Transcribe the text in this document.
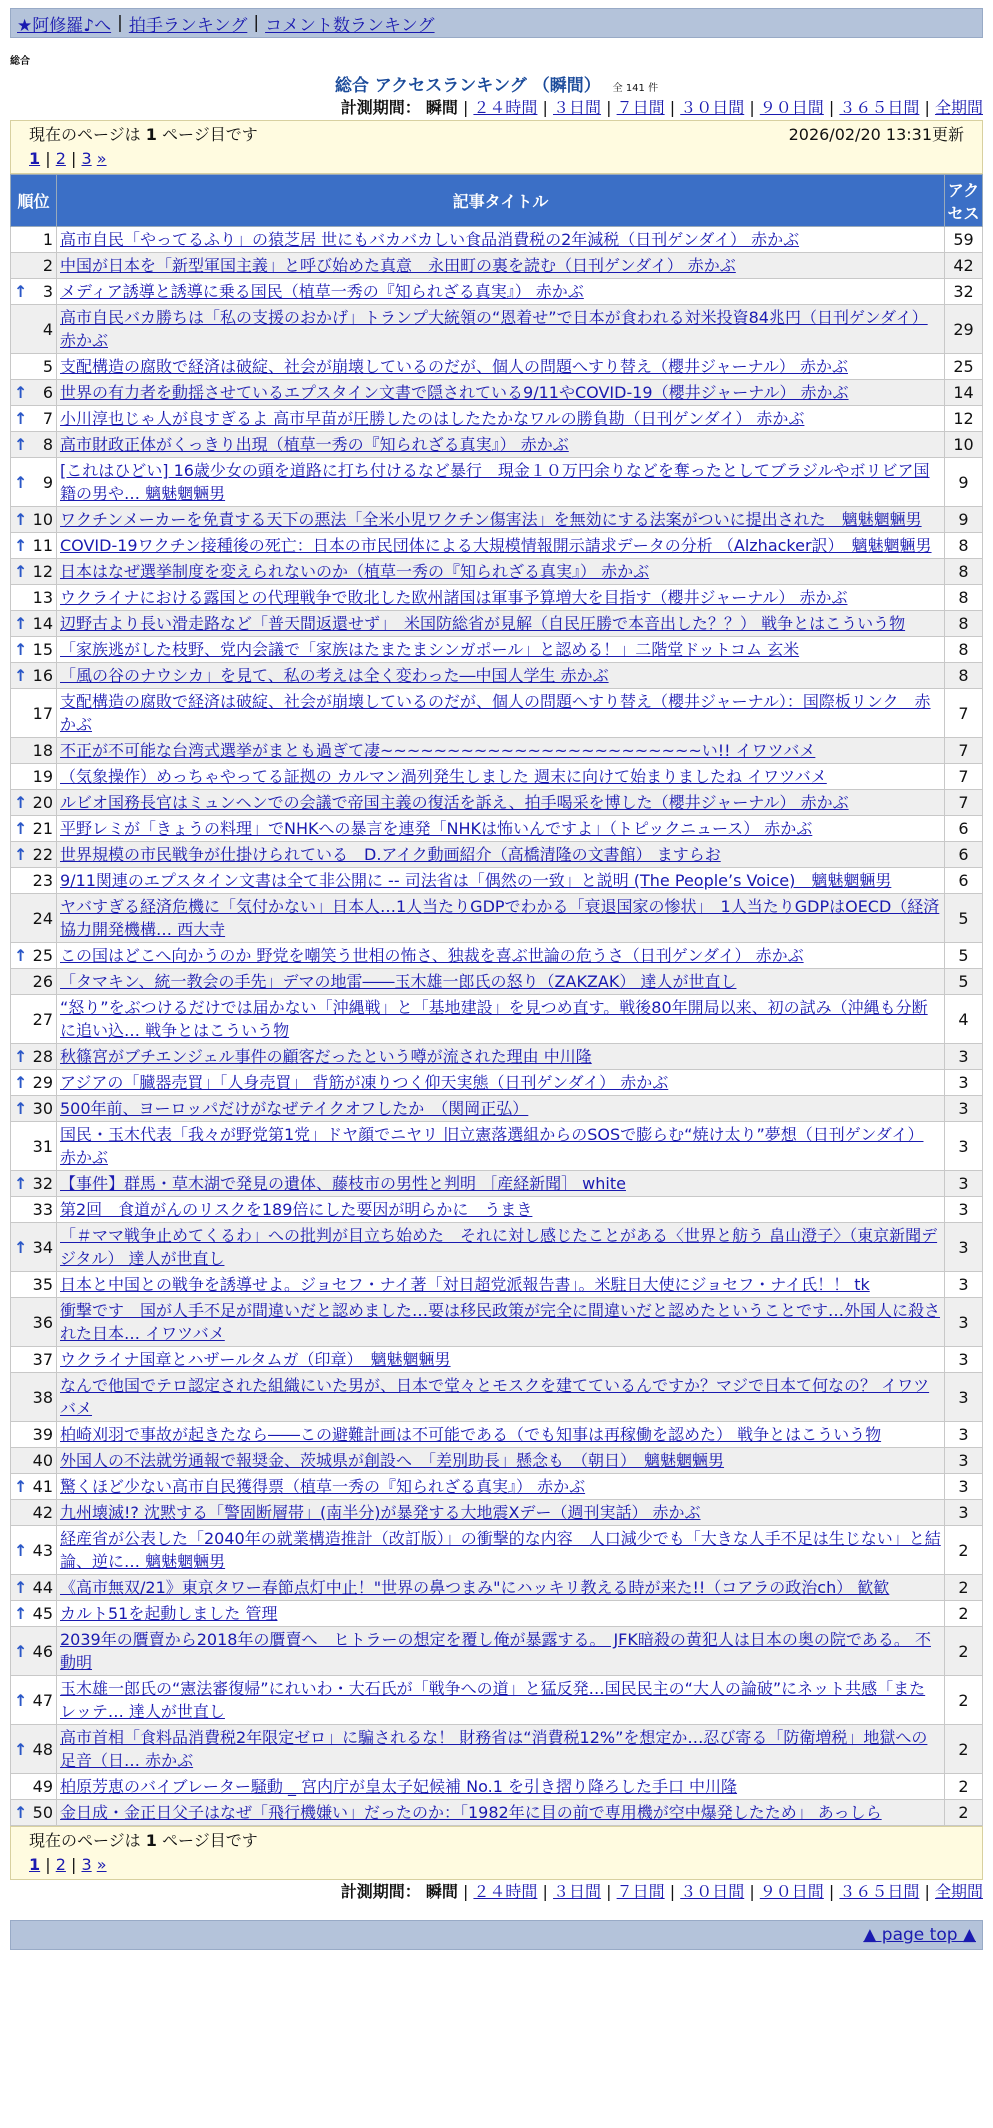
★阿修羅♪へ | 拍手ランキング | コメント数ランキング
総合
総合 アクセスランキング （瞬間） 全 141 件
計測期間： 瞬間 | ２４時間 | ３日間 | ７日間 | ３０日間 | ９０日間 | ３６５日間 | 全期間
現在のページは 1 ページ目です	2026/02/20 13:31更新
1 | 2 | 3 »
順位	記事タイトル	アクセス
1	高市自民「やってるふり」の猿芝居 世にもバカバカしい食品消費税の2年減税（日刊ゲンダイ） 赤かぶ	59
2	中国が日本を「新型軍国主義」と呼び始めた真意　永田町の裏を読む（日刊ゲンダイ） 赤かぶ	42

↑ 3	メディア誘導と誘導に乗る国民（植草一秀の『知られざる真実』） 赤かぶ	32
4	高市自民バカ勝ちは「私の支援のおかげ」トランプ大統領の“恩着せ”で日本が食われる対米投資84兆円（日刊ゲンダイ） 赤かぶ	29
5	支配構造の腐敗で経済は破綻、社会が崩壊しているのだが、個人の問題へすり替え（櫻井ジャーナル） 赤かぶ	25

↑ 6	世界の有力者を動揺させているエプスタイン文書で隠されている9/11やCOVID-19（櫻井ジャーナル） 赤かぶ	14

↑ 7	小川淳也じゃ人が良すぎるよ 高市早苗が圧勝したのはしたたかなワルの勝負勘（日刊ゲンダイ） 赤かぶ	12

↑ 8	高市財政正体がくっきり出現（植草一秀の『知られざる真実』） 赤かぶ	10

↑ 9	[これはひどい] 16歳少女の頭を道路に打ち付けるなど暴行　現金１０万円余りなどを奪ったとしてブラジルやボリビア国籍の男や… 魑魅魍魎男	9

↑ 10	ワクチンメーカーを免責する天下の悪法「全米小児ワクチン傷害法」を無効にする法案がついに提出された　魑魅魍魎男	9

↑ 11	COVID-19ワクチン接種後の死亡：日本の市民団体による大規模情報開示請求データの分析 （Alzhacker訳）　魑魅魍魎男	8

↑ 12	日本はなぜ選挙制度を変えられないのか（植草一秀の『知られざる真実』） 赤かぶ	8
13	ウクライナにおける露国との代理戦争で敗北した欧州諸国は軍事予算増大を目指す（櫻井ジャーナル） 赤かぶ	8

↑ 14	辺野古より長い滑走路など「普天間返還せず」　米国防総省が見解（自民圧勝で本音出した？？） 戦争とはこういう物	8

↑ 15	「家族逃がした枝野、党内会議で「家族はたまたまシンガポール」と認める！」二階堂ドットコム 玄米	8

↑ 16	「風の谷のナウシカ」を見て、私の考えは全く変わった―中国人学生 赤かぶ	8
17	支配構造の腐敗で経済は破綻、社会が崩壊しているのだが、個人の問題へすり替え（櫻井ジャーナル）：国際板リンク　赤かぶ	7
18	不正が不可能な台湾式選挙がまとも過ぎて凄~~~~~~~~~~~~~~~~~~~~~~~~い!! イワツバメ	7
19	（気象操作）めっちゃやってる証拠の カルマン渦列発生しました 週末に向けて始まりましたね イワツバメ	7

↑ 20	ルビオ国務長官はミュンヘンでの会議で帝国主義の復活を訴え、拍手喝采を博した（櫻井ジャーナル） 赤かぶ	7

↑ 21	平野レミが「きょうの料理」でNHKへの暴言を連発「NHKは怖いんですよ」（トピックニュース） 赤かぶ	6

↑ 22	世界規模の市民戦争が仕掛けられている　D.アイク動画紹介（高橋清隆の文書館） ますらお	6
23	9/11関連のエプスタイン文書は全て非公開に -- 司法省は「偶然の一致」と説明 (The People’s Voice)　魑魅魍魎男	6
24	ヤバすぎる経済危機に「気付かない」日本人…1人当たりGDPでわかる「衰退国家の惨状」　1人当たりGDPはOECD（経済協力開発機構… 西大寺	5

↑ 25	この国はどこへ向かうのか 野党を嘲笑う世相の怖さ、独裁を喜ぶ世論の危うさ（日刊ゲンダイ） 赤かぶ	5
26	「タマキン、統一教会の手先」デマの地雷――玉木雄一郎氏の怒り（ZAKZAK） 達人が世直し	5
27	“怒り”をぶつけるだけでは届かない「沖縄戦」と「基地建設」を見つめ直す。戦後80年開局以来、初の試み（沖縄も分断に追い込… 戦争とはこういう物	4

↑ 28	秋篠宮がブチエンジェル事件の顧客だったという噂が流された理由 中川隆	3

↑ 29	アジアの「臓器売買」「人身売買」 背筋が凍りつく仰天実態（日刊ゲンダイ） 赤かぶ	3

↑ 30	500年前、ヨーロッパだけがなぜテイクオフしたか　（関岡正弘）	3
31	国民・玉木代表「我々が野党第1党」ドヤ顔でニヤリ 旧立憲落選組からのSOSで膨らむ“焼け太り”夢想（日刊ゲンダイ） 赤かぶ	3

↑ 32	【事件】群馬・草木湖で発見の遺体、藤枝市の男性と判明 ［産経新聞］ white	3
33	第2回　食道がんのリスクを189倍にした要因が明らかに　うまき	3

↑ 34	「＃ママ戦争止めてくるわ」への批判が目立ち始めた　それに対し感じたことがある〈世界と舫う 畠山澄子〉（東京新聞デジタル） 達人が世直し	3
35	日本と中国との戦争を誘導せよ。ジョセフ・ナイ著「対日超党派報告書」。米駐日大使にジョセフ・ナイ氏！！ tk	3
36	衝撃です　国が人手不足が間違いだと認めました…要は移民政策が完全に間違いだと認めたということです…外国人に殺された日本… イワツバメ	3
37	ウクライナ国章とハザールタムガ（印章）　魑魅魍魎男	3
38	なんで他国でテロ認定された組織にいた男が、日本で堂々とモスクを建てているんですか？マジで日本て何なの？ イワツバメ	3
39	柏崎刈羽で事故が起きたなら――この避難計画は不可能である（でも知事は再稼働を認めた） 戦争とはこういう物	3
40	外国人の不法就労通報で報奨金、茨城県が創設へ　「差別助長」懸念も　（朝日）　魑魅魍魎男	3

↑ 41	驚くほど少ない高市自民獲得票（植草一秀の『知られざる真実』） 赤かぶ	3
42	九州壊滅!? 沈黙する「警固断層帯」(南半分)が暴発する大地震Xデー（週刊実話） 赤かぶ	3

↑ 43	経産省が公表した「2040年の就業構造推計（改訂版）」の衝撃的な内容　人口減少でも「大きな人手不足は生じない」と結論、逆に… 魑魅魍魎男	2

↑ 44	《高市無双/21》東京タワー春節点灯中止！"世界の鼻つまみ"にハッキリ教える時が来た!!（コアラの政治ch） 歓歓	2

↑ 45	カルト51を起動しました 管理	2

↑ 46	2039年の贋賣から2018年の贋賣へ　ヒトラーの想定を覆し俺が暴露する。　JFK暗殺の黄犯人は日本の奥の院である。 不動明	2

↑ 47	玉木雄一郎氏の“憲法審復帰”にれいわ・大石氏が「戦争への道」と猛反発…国民民主の“大人の論破”にネット共感「またレッテ… 達人が世直し	2

↑ 48	高市首相「食料品消費税2年限定ゼロ」に騙されるな！ 財務省は“消費税12%”を想定か…忍び寄る「防衛増税」地獄への足音（日… 赤かぶ	2
49	柏原芳恵のバイブレーター騒動 _ 宮内庁が皇太子妃候補 No.1 を引き摺り降ろした手口 中川隆	2

↑ 50	金日成・金正日父子はなぜ「飛行機嫌い」だったのか：「1982年に目の前で専用機が空中爆発したため」 あっしら	2
現在のページは 1 ページ目です
1 | 2 | 3 »
計測期間： 瞬間 | ２４時間 | ３日間 | ７日間 | ３０日間 | ９０日間 | ３６５日間 | 全期間
▲ page top ▲
